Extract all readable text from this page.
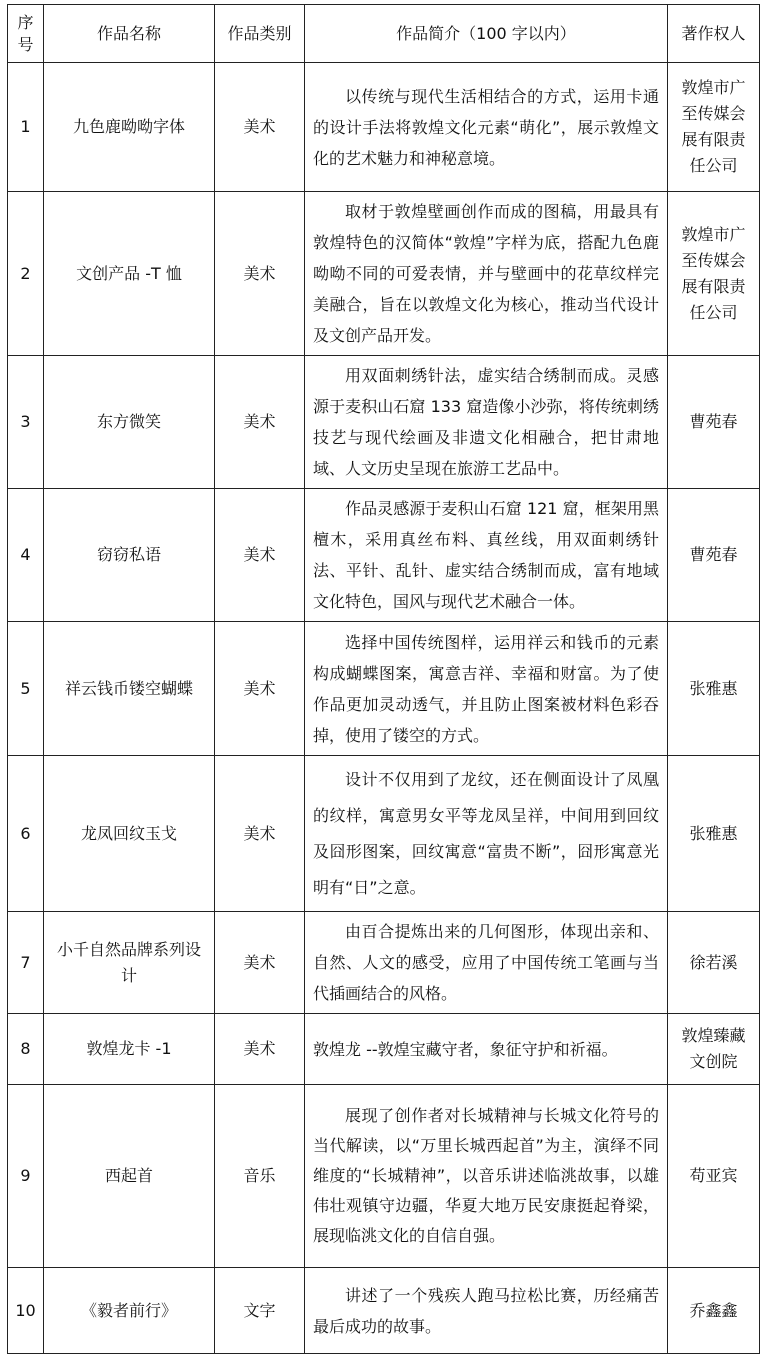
序号	作品名称	作品类别	作品简介（100 字以内）	著作权人
1	九色鹿呦呦字体	美术	以传统与现代生活相结合的方式，运用卡通的设计手法将敦煌文化元素“萌化”，展示敦煌文化的艺术魅力和神秘意境。	敦煌市广至传媒会展有限责任公司
2	文创产品 -T 恤	美术	取材于敦煌壁画创作而成的图稿，用最具有敦煌特色的汉简体“敦煌”字样为底，搭配九色鹿呦呦不同的可爱表情，并与壁画中的花草纹样完美融合，旨在以敦煌文化为核心，推动当代设计及文创产品开发。	敦煌市广至传媒会展有限责任公司
3	东方微笑	美术	用双面刺绣针法，虚实结合绣制而成。灵感源于麦积山石窟 133 窟造像小沙弥，将传统刺绣技艺与现代绘画及非遗文化相融合，把甘肃地域、人文历史呈现在旅游工艺品中。	曹苑春
4	窃窃私语	美术	作品灵感源于麦积山石窟 121 窟，框架用黑檀木，采用真丝布料、真丝线，用双面刺绣针法、平针、乱针、虚实结合绣制而成，富有地域文化特色，国风与现代艺术融合一体。	曹苑春
5	祥云钱币镂空蝴蝶	美术	选择中国传统图样，运用祥云和钱币的元素构成蝴蝶图案，寓意吉祥、幸福和财富。为了使作品更加灵动透气，并且防止图案被材料色彩吞掉，使用了镂空的方式。	张雅惠
6	龙凤回纹玉戈	美术	设计不仅用到了龙纹，还在侧面设计了凤凰的纹样，寓意男女平等龙凤呈祥，中间用到回纹及囧形图案，回纹寓意“富贵不断”，囧形寓意光明有“日”之意。	张雅惠
7	小千自然品牌系列设计	美术	由百合提炼出来的几何图形，体现出亲和、自然、人文的感受，应用了中国传统工笔画与当代插画结合的风格。	徐若溪
8	敦煌龙卡 -1	美术	敦煌龙 --敦煌宝藏守者，象征守护和祈福。	敦煌臻藏文创院
9	西起首	音乐	展现了创作者对长城精神与长城文化符号的当代解读，以“万里长城西起首”为主，演绎不同维度的“长城精神”，以音乐讲述临洮故事，以雄伟壮观镇守边疆，华夏大地万民安康挺起脊梁，展现临洮文化的自信自强。	苟亚宾
10	《毅者前行》	文字	讲述了一个残疾人跑马拉松比赛，历经痛苦最后成功的故事。	乔鑫鑫
